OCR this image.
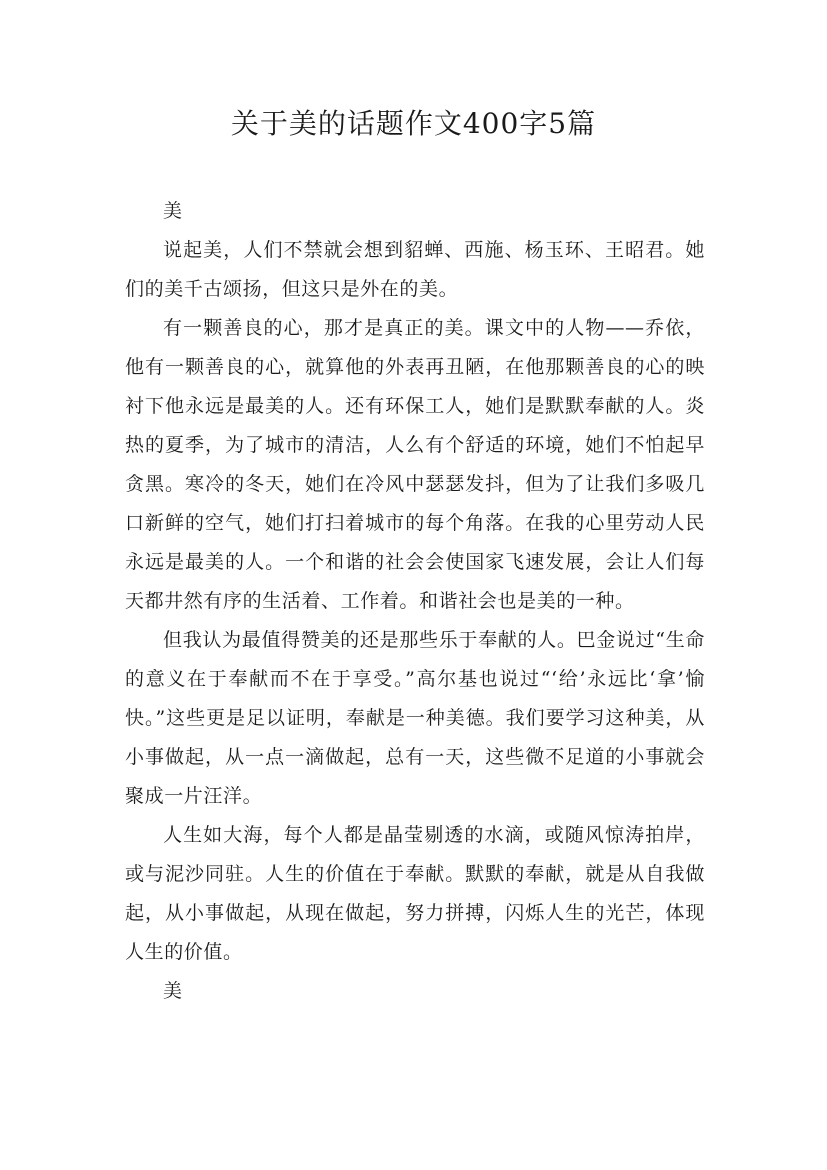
关于美的话题作文400字5篇

美

说起美，人们不禁就会想到貂蝉、西施、杨玉环、王昭君。她们的美千古颂扬，但这只是外在的美。

有一颗善良的心，那才是真正的美。课文中的人物——乔依，他有一颗善良的心，就算他的外表再丑陋，在他那颗善良的心的映衬下他永远是最美的人。还有环保工人，她们是默默奉献的人。炎热的夏季，为了城市的清洁，人么有个舒适的环境，她们不怕起早贪黑。寒冷的冬天，她们在冷风中瑟瑟发抖，但为了让我们多吸几口新鲜的空气，她们打扫着城市的每个角落。在我的心里劳动人民永远是最美的人。一个和谐的社会会使国家飞速发展，会让人们每天都井然有序的生活着、工作着。和谐社会也是美的一种。

但我认为最值得赞美的还是那些乐于奉献的人。巴金说过“生命的意义在于奉献而不在于享受。”高尔基也说过“‘给’永远比‘拿’愉快。”这些更是足以证明，奉献是一种美德。我们要学习这种美，从小事做起，从一点一滴做起，总有一天，这些微不足道的小事就会聚成一片汪洋。

人生如大海，每个人都是晶莹剔透的水滴，或随风惊涛拍岸，或与泥沙同驻。人生的价值在于奉献。默默的奉献，就是从自我做起，从小事做起，从现在做起，努力拼搏，闪烁人生的光芒，体现人生的价值。

美
